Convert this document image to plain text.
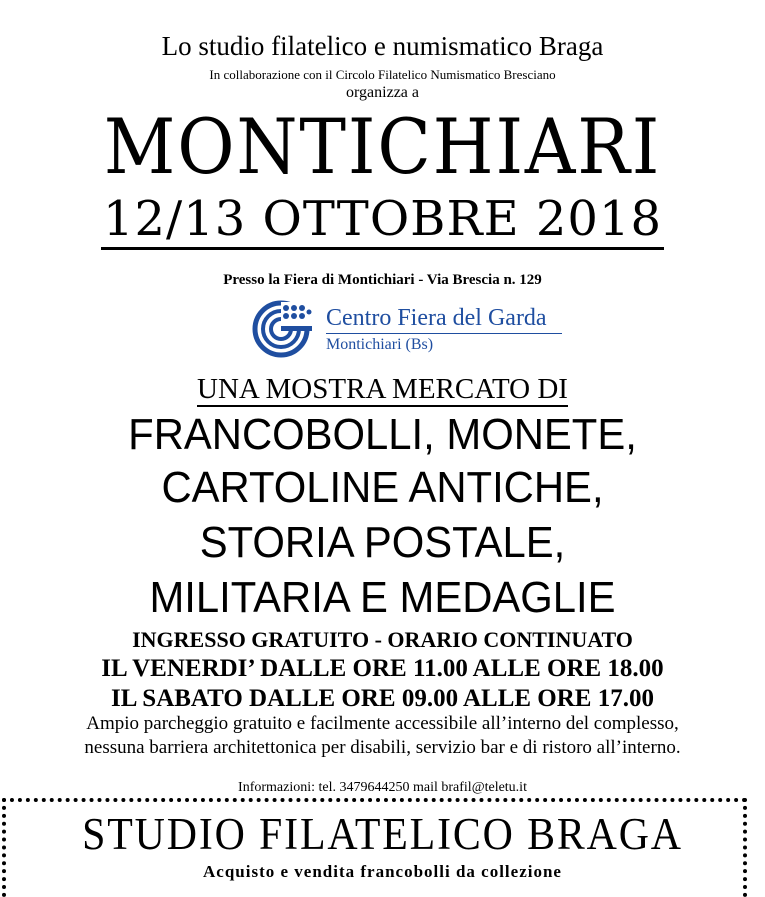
Lo studio filatelico e numismatico Braga
In collaborazione con il Circolo Filatelico Numismatico Bresciano
organizza a
MONTICHIARI
12/13 OTTOBRE 2018
Presso la Fiera di Montichiari - Via Brescia n. 129
Centro Fiera del Garda
Montichiari (Bs)
UNA MOSTRA MERCATO DI
FRANCOBOLLI, MONETE,
CARTOLINE ANTICHE,
STORIA POSTALE,
MILITARIA E MEDAGLIE
INGRESSO GRATUITO - ORARIO CONTINUATO
IL VENERDI’ DALLE ORE 11.00 ALLE ORE 18.00
IL SABATO DALLE ORE 09.00 ALLE ORE 17.00
Ampio parcheggio gratuito e facilmente accessibile all’interno del complesso,
nessuna barriera architettonica per disabili, servizio bar e di ristoro all’interno.
Informazioni: tel. 3479644250 mail brafil@teletu.it
STUDIO FILATELICO BRAGA
Acquisto e vendita francobolli da collezione
